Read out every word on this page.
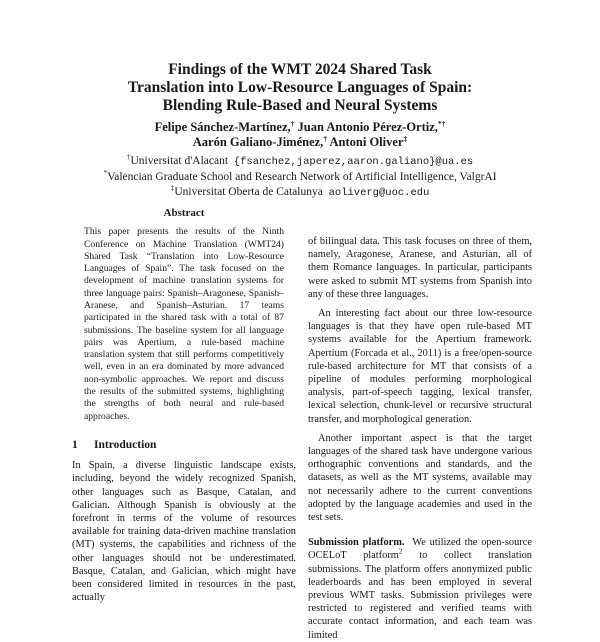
Findings of the WMT 2024 Shared Task
Translation into Low-Resource Languages of Spain:
Blending Rule-Based and Neural Systems
Felipe Sánchez-Martínez,† Juan Antonio Pérez-Ortiz,*†
Aarón Galiano-Jiménez,† Antoni Oliver‡
†Universitat d'Alacant {fsanchez,japerez,aaron.galiano}@ua.es
*Valencian Graduate School and Research Network of Artificial Intelligence, ValgrAI
‡Universitat Oberta de Catalunya aoliverg@uoc.edu
Abstract

This paper presents the results of the Ninth Conference on Machine Translation (WMT24) Shared Task “Translation into Low-Resource Languages of Spain”. The task focused on the development of machine translation systems for three language pairs: Spanish–Aragonese, Spanish–Aranese, and Spanish–Asturian. 17 teams participated in the shared task with a total of 87 submissions. The baseline system for all language pairs was Apertium, a rule-based machine translation system that still performs competitively well, even in an era dominated by more advanced non-symbolic approaches. We report and discuss the results of the submitted systems, highlighting the strengths of both neural and rule-based approaches.

1 Introduction

In Spain, a diverse linguistic landscape exists, including, beyond the widely recognized Spanish, other languages such as Basque, Catalan, and Galician. Although Spanish is obviously at the forefront in terms of the volume of resources available for training data-driven machine translation (MT) systems, the capabilities and richness of the other languages should not be underestimated. Basque, Catalan, and Galician, which might have been considered limited in resources in the past, actually

of bilingual data. This task focuses on three of them, namely, Aragonese, Aranese, and Asturian, all of them Romance languages. In particular, participants were asked to submit MT systems from Spanish into any of these three languages.

An interesting fact about our three low-resource languages is that they have open rule-based MT systems available for the Apertium framework. Apertium (Forcada et al., 2011) is a free/open-source rule-based architecture for MT that consists of a pipeline of modules performing morphological analysis, part-of-speech tagging, lexical transfer, lexical selection, chunk-level or recursive structural transfer, and morphological generation.

Another important aspect is that the target languages of the shared task have undergone various orthographic conventions and standards, and the datasets, as well as the MT systems, available may not necessarily adhere to the current conventions adopted by the language academies and used in the test sets.

Submission platform. We utilized the open-source OCELoT platform$^2$ to collect translation submissions. The platform offers anonymized public leaderboards and has been employed in several previous WMT tasks. Submission privileges were restricted to registered and verified teams with accurate contact information, and each team was limited
